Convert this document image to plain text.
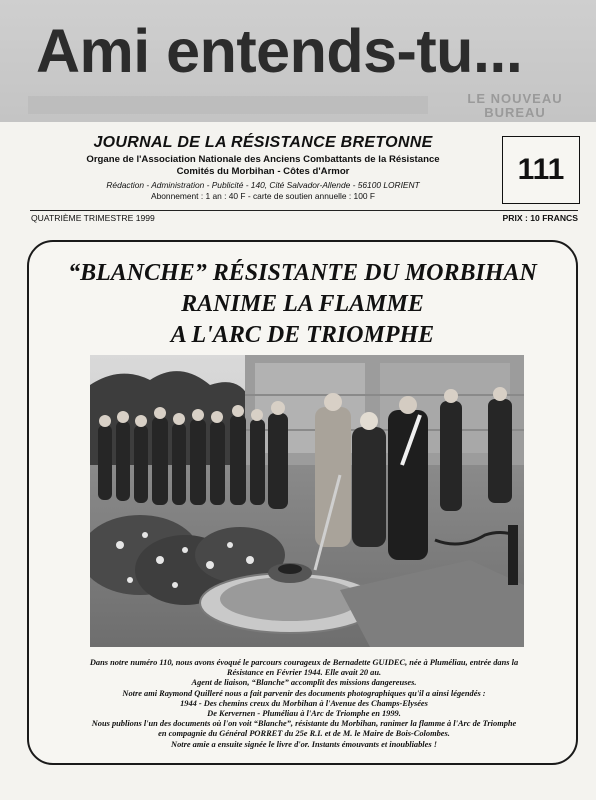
LE NOUVEAU BUREAU
Ami entends-tu...
JOURNAL DE LA RÉSISTANCE BRETONNE
Organe de l'Association Nationale des Anciens Combattants de la Résistance
Comités du Morbihan - Côtes d'Armor
Rédaction - Administration - Publicité - 140, Cité Salvador-Allende - 56100 LORIENT
Abonnement : 1 an : 40 F - carte de soutien annuelle : 100 F
111
QUATRIÈME TRIMESTRE 1999	PRIX : 10 FRANCS
“BLANCHE” RÉSISTANTE DU MORBIHAN
RANIME LA FLAMME
A L'ARC DE TRIOMPHE
Dans notre numéro 110, nous avons évoqué le parcours courageux de Bernadette GUIDEC, née à Pluméliau, entrée dans la
Résistance en Février 1944. Elle avait 20 au.
Agent de liaison, “Blanche” accomplit des missions dangereuses.
Notre ami Raymond Quilleré nous a fait parvenir des documents photographiques qu'il a ainsi légendés :
1944 - Des chemins creux du Morbihan à l'Avenue des Champs-Elysées
De Kervernen - Pluméliau à l'Arc de Triomphe en 1999.
Nous publions l'un des documents où l'on voit “Blanche”, résistante du Morbihan, ranimer la flamme à l'Arc de Triomphe
en compagnie du Général PORRET du 25e R.I. et de M. le Maire de Bois-Colombes.
Notre amie a ensuite signée le livre d'or. Instants émouvants et inoubliables !
